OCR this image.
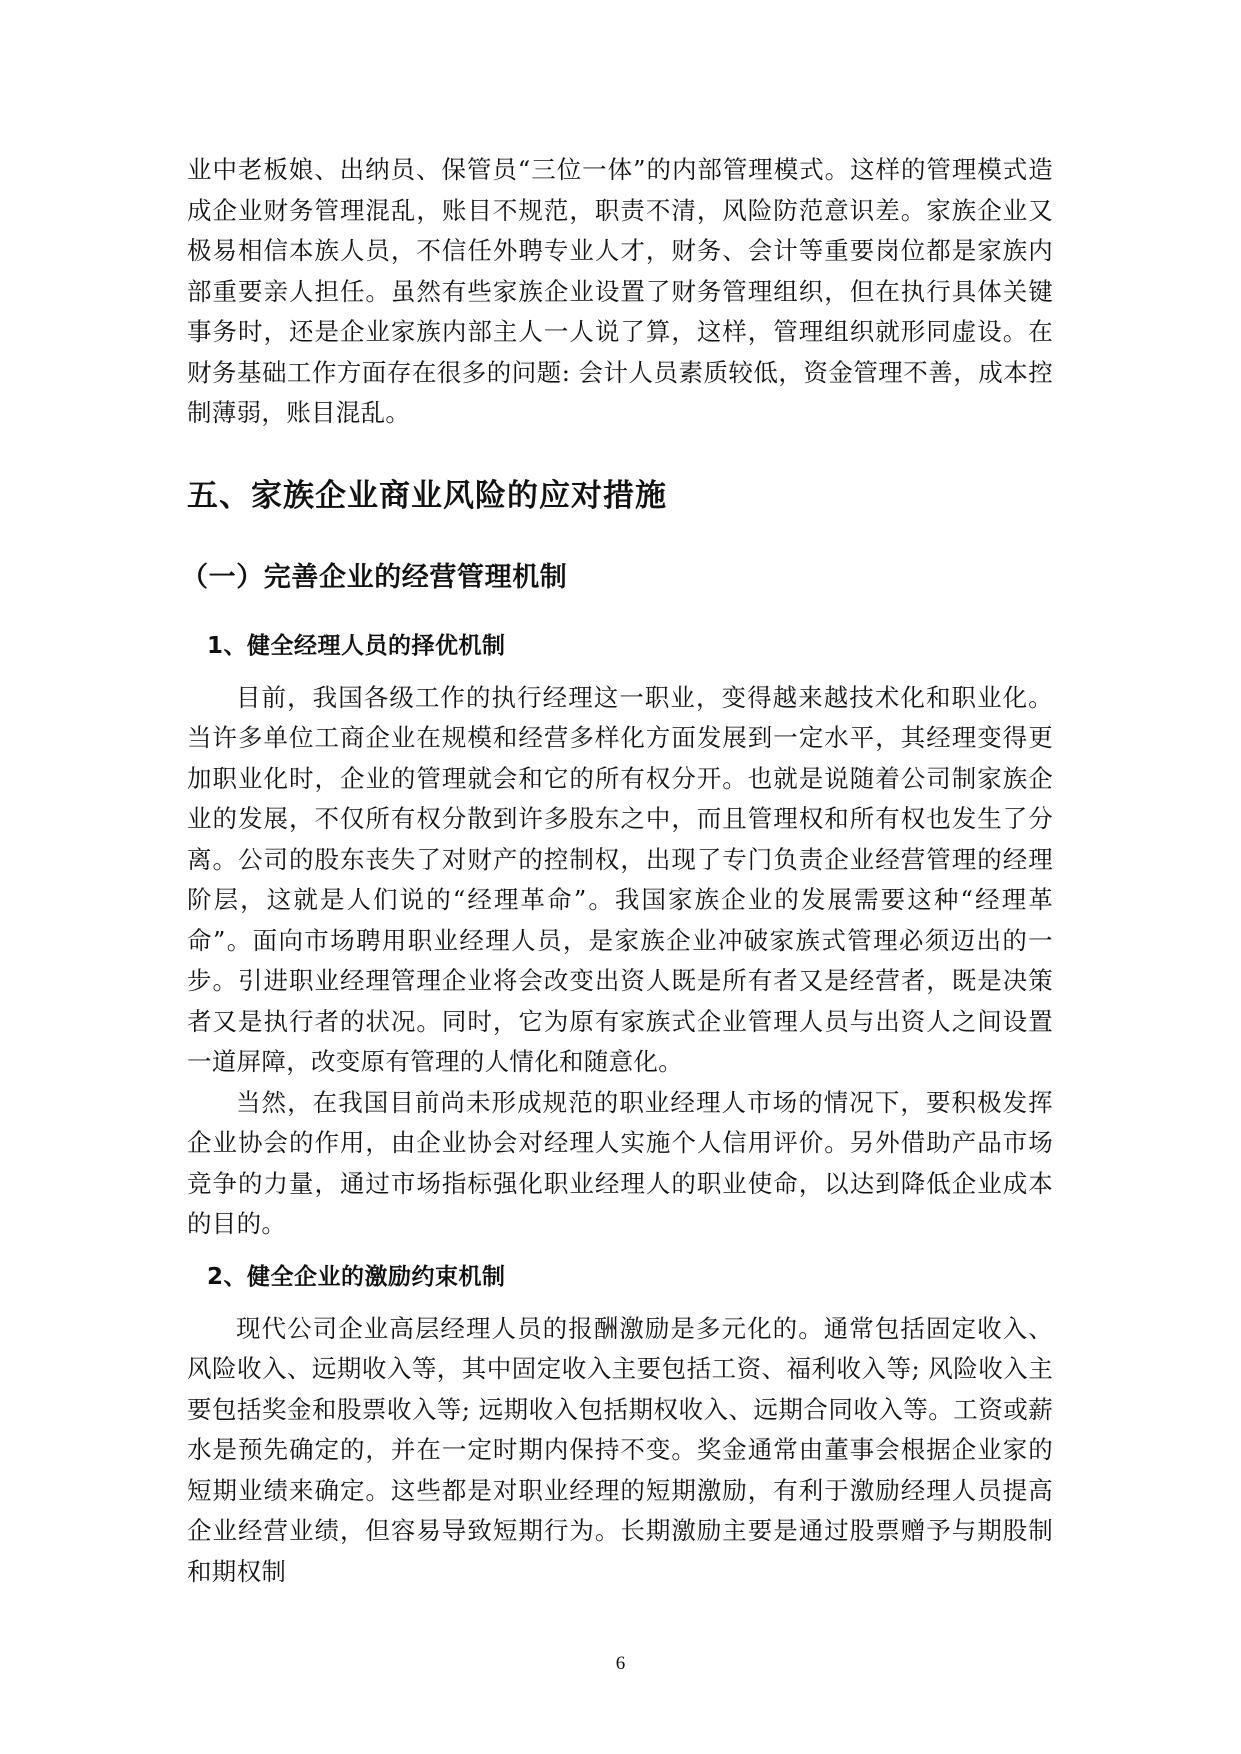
业中老板娘、出纳员、保管员“三位一体”的内部管理模式。这样的管理模式造成企业财务管理混乱，账目不规范，职责不清，风险防范意识差。家族企业又极易相信本族人员，不信任外聘专业人才，财务、会计等重要岗位都是家族内部重要亲人担任。虽然有些家族企业设置了财务管理组织，但在执行具体关键事务时，还是企业家族内部主人一人说了算，这样，管理组织就形同虚设。在财务基础工作方面存在很多的问题: 会计人员素质较低，资金管理不善，成本控制薄弱，账目混乱。

五、家族企业商业风险的应对措施
（一）完善企业的经营管理机制
1、健全经理人员的择优机制

目前，我国各级工作的执行经理这一职业，变得越来越技术化和职业化。当许多单位工商企业在规模和经营多样化方面发展到一定水平，其经理变得更加职业化时，企业的管理就会和它的所有权分开。也就是说随着公司制家族企业的发展，不仅所有权分散到许多股东之中，而且管理权和所有权也发生了分离。公司的股东丧失了对财产的控制权，出现了专门负责企业经营管理的经理阶层，这就是人们说的“经理革命”。我国家族企业的发展需要这种“经理革命”。面向市场聘用职业经理人员，是家族企业冲破家族式管理必须迈出的一步。引进职业经理管理企业将会改变出资人既是所有者又是经营者，既是决策者又是执行者的状况。同时，它为原有家族式企业管理人员与出资人之间设置一道屏障，改变原有管理的人情化和随意化。

当然，在我国目前尚未形成规范的职业经理人市场的情况下，要积极发挥企业协会的作用，由企业协会对经理人实施个人信用评价。另外借助产品市场竞争的力量，通过市场指标强化职业经理人的职业使命，以达到降低企业成本的目的。

2、健全企业的激励约束机制

现代公司企业高层经理人员的报酬激励是多元化的。通常包括固定收入、风险收入、远期收入等，其中固定收入主要包括工资、福利收入等; 风险收入主要包括奖金和股票收入等; 远期收入包括期权收入、远期合同收入等。工资或薪水是预先确定的，并在一定时期内保持不变。奖金通常由董事会根据企业家的短期业绩来确定。这些都是对职业经理的短期激励，有利于激励经理人员提高企业经营业绩，但容易导致短期行为。长期激励主要是通过股票赠予与期股制和期权制

6
